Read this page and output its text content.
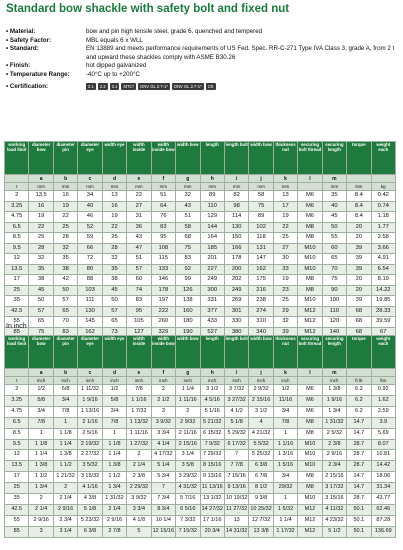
Standard bow shackle with safety bolt and fixed nut
• Material:	bow and pin high tensile steel, grade 6, quenched and tempered
• Safety Factor:	MBL equals 6 x WLL
• Standard:	EN 13889 and meets performance requirements of US Fed. Spec. RR-C-271 Type IVA Class 3, grade A, from 2 t and upward these shackles comply with ASME B30.26
• Finish:	hot dipped galvanized
• Temperature Range:	-40°C up to +200°C
• Certification:	2.1	2.2	3.1	MTC*	DNV GL 2.7-1*	DNV GL 2.7-1*	CE
working load limit	diameter bow	diameter pin	diameter eye	width eye	width inside	width inside bow	width bow	length	length bolt	width bow	thickness nut	securing bolt thread	securing length	torque	weight each
	a	b	c	d	e	f	g	h	i	j	k	l	m		
t	mm	mm	mm	mm	mm	mm	mm	mm	mm	mm	mm		mm	Nm	kg
2	13.5	16	34	13	22	51	32	89	82	58	13	M6	35	8.4	0.42
3.25	16	19	40	16	27	64	43	110	98	75	17	M6	40	8.4	0.74
4.75	19	22	46	19	31	76	51	129	114	89	19	M6	45	8.4	1.18
6.5	22	25	52	22	36	83	58	144	130	102	22	M8	50	20	1.77
8.5	25	28	59	25	43	95	68	164	150	118	25	M8	55	20	2.58
9.5	28	32	66	28	47	108	75	185	166	131	27	M10	60	39	3.66
12	32	35	72	32	51	115	83	201	178	147	30	M10	65	39	4.91
13.5	35	38	80	35	57	133	92	227	200	162	33	M10	70	39	6.54
17	38	42	88	38	60	146	99	249	202	175	19	M8	75	20	8.19
25	45	50	103	45	74	178	126	300	249	216	23	M8	90	20	14.22
35	50	57	111	50	83	197	138	331	269	238	25	M10	100	39	19.85
42.5	57	65	130	57	95	222	160	377	301	274	29	M12	110	68	28.33
55	65	70	145	65	105	260	180	433	330	310	32	M12	120	68	39.59
85	75	83	162	73	127	329	190	527	380	340	39	M12	140	68	67
In inch
working load limit	diameter bow	diameter pin	diameter eye	width eye	width inside	width inside bow	width bow	length	length bolt	width bow	thickness nut	securing bolt thread	securing length	torque	weight each
	a	b	c	d	e	f	g	h	i	j	k	l	m		
t	inch	inch	inch	inch	inch	inch	inch	inch	inch	inch	inch		inch	ft lb	lbs
2	1/2	5/8	1 11/32	1/2	7/8	2	1 1/4	3 1/2	3 7/32	2 9/32	1/2	M6	1 3/8	6.2	0.92
3.25	5/8	3/4	1 9/16	5/8	1 1/16	2 1/2	1 11/16	4 5/16	3 27/32	2 15/16	11/16	M6	1 9/16	6.2	1.62
4.75	3/4	7/8	1 13/16	3/4	1 7/32	3	2	5 1/16	4 1/2	3 1/2	3/4	M6	1 3/4	6.2	2.59
6.5	7/8	1	2 1/16	7/8	1 13/32	3 9/32	2 9/32	5 21/32	5 1/8	4	7/8	M8	1 31/32	14.7	3.9
8.5	1	1 1/8	2 5/16	1	1 11/16	3 3/4	2 11/16	6 15/32	5 29/32	4 21/32	1	M8	2 5/32	14.7	5.69
9.5	1 1/8	1 1/4	2 19/32	1 1/8	1 27/32	4 1/4	2 15/16	7 9/32	6 17/32	5 5/32	1 1/16	M10	2 3/8	28.7	8.07
12	1 1/4	1 3/8	2 27/32	1 1/4	2	4 17/32	3 1/4	7 29/32	7	5 25/32	1 3/16	M10	2 9/16	28.7	10.81
13.5	1 3/8	1 1/2	3 5/32	1 3/8	2 1/4	5 1/4	3 5/8	8 15/16	7 7/8	6 3/8	1 5/16	M10	2 3/4	28.7	14.42
17	1 1/2	1 21/32	3 15/32	1 1/2	2 3/8	5 3/4	3 29/32	9 13/16	7 15/16	6 7/8	3/4	M8	2 15/16	14.7	18.06
25	1 3/4	2	4 1/16	1 3/4	2 29/32	7	4 31/32	11 13/16	9 13/16	8 1/2	29/32	M8	3 17/32	14.7	31.34
35	2	2 1/4	4 3/8	1 31/32	3 9/32	7 3/4	5 7/16	13 1/32	10 19/32	9 3/8	1	M10	3 15/16	28.7	43.77
42.5	2 1/4	2 9/16	5 1/8	2 1/4	3 3/4	8 3/4	6 5/16	14 27/32	11 27/32	10 25/32	1 5/32	M12	4 11/32	50.1	62.46
55	2 9/16	2 3/4	5 23/32	2 9/16	4 1/8	10 1/4	7 3/32	17 1/16	13	12 7/32	1 1/4	M12	4 23/32	50.1	87.28
85	3	3 1/4	6 3/8	2 7/8	5	12 15/16	7 15/32	20 3/4	14 31/32	13 3/8	1 17/32	M12	5 1/2	50.1	136.69
